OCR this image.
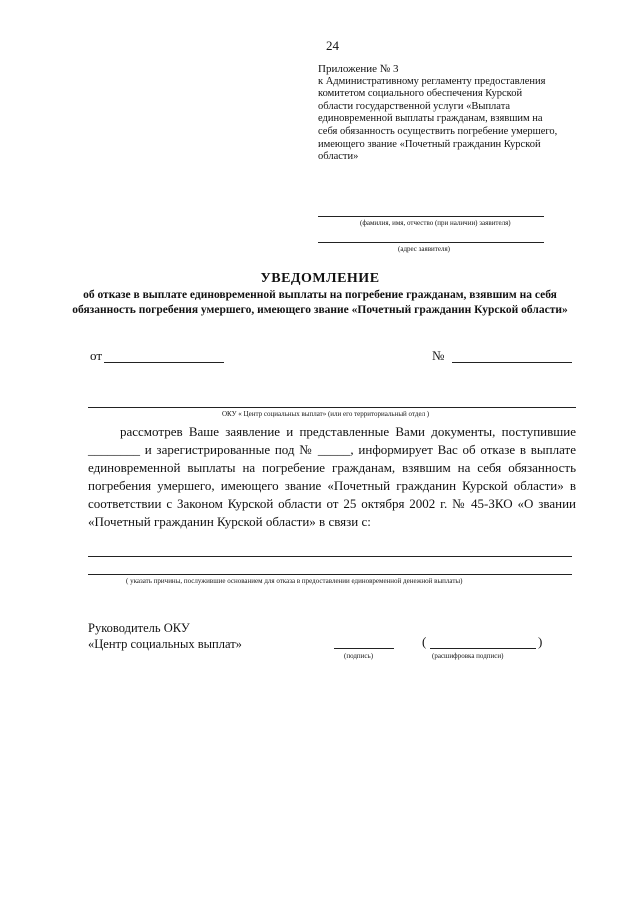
24
Приложение № 3
к Административному регламенту предоставления комитетом социального обеспечения Курской области государственной услуги «Выплата единовременной выплаты гражданам, взявшим на себя обязанность осуществить погребение умершего, имеющего звание «Почетный гражданин Курской области»
(фамилия, имя, отчество (при наличии) заявителя)
(адрес заявителя)
УВЕДОМЛЕНИЕ
об отказе в выплате единовременной выплаты на погребение гражданам, взявшим на себя обязанность погребения умершего, имеющего звание «Почетный гражданин Курской области»
от	№
ОКУ « Центр социальных выплат» (или его территориальный отдел )

рассмотрев Ваше заявление и представленные Вами документы, поступившие ________ и зарегистрированные под № _____, информирует Вас об отказе в выплате единовременной выплаты на погребение гражданам, взявшим на себя обязанность погребения умершего, имеющего звание «Почетный гражданин Курской области» в соответствии с Законом Курской области от 25 октября 2002 г. № 45-ЗКО «О звании «Почетный гражданин Курской области» в связи с:

( указать причины, послужившие основанием для отказа в предоставлении единовременной денежной выплаты)
Руководитель ОКУ
«Центр социальных выплат»
(подпись)
(	)
(расшифровка подписи)
